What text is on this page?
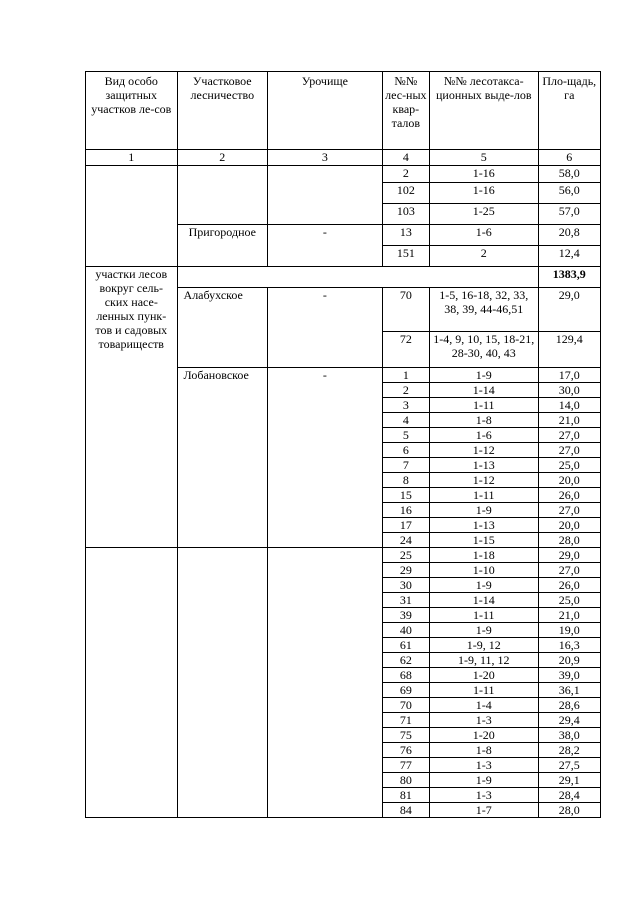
Вид особо защитных участков ле-сов	Участковое лесничество	Урочище	№№ лес-ных квар-талов	№№ лесотакса-ционных выде-лов	Пло-щадь, га
1	2	3	4	5	6
			2	1-16	58,0
			102	1-16	56,0
			103	1-25	57,0
	Пригородное	-	13	1-6	20,8
			151	2	12,4
участки лесов вокруг сель-ских насе-ленных пунк-тов и садовых товариществ					1383,9
	Алабухское	-	70	1-5, 16-18, 32, 33, 38, 39, 44-46,51	29,0
			72	1-4, 9, 10, 15, 18-21, 28-30, 40, 43	129,4
	Лобановское	-	1	1-9	17,0
			2	1-14	30,0
			3	1-11	14,0
			4	1-8	21,0
			5	1-6	27,0
			6	1-12	27,0
			7	1-13	25,0
			8	1-12	20,0
			15	1-11	26,0
			16	1-9	27,0
			17	1-13	20,0
			24	1-15	28,0
			25	1-18	29,0
			29	1-10	27,0
			30	1-9	26,0
			31	1-14	25,0
			39	1-11	21,0
			40	1-9	19,0
			61	1-9, 12	16,3
			62	1-9, 11, 12	20,9
			68	1-20	39,0
			69	1-11	36,1
			70	1-4	28,6
			71	1-3	29,4
			75	1-20	38,0
			76	1-8	28,2
			77	1-3	27,5
			80	1-9	29,1
			81	1-3	28,4
			84	1-7	28,0
